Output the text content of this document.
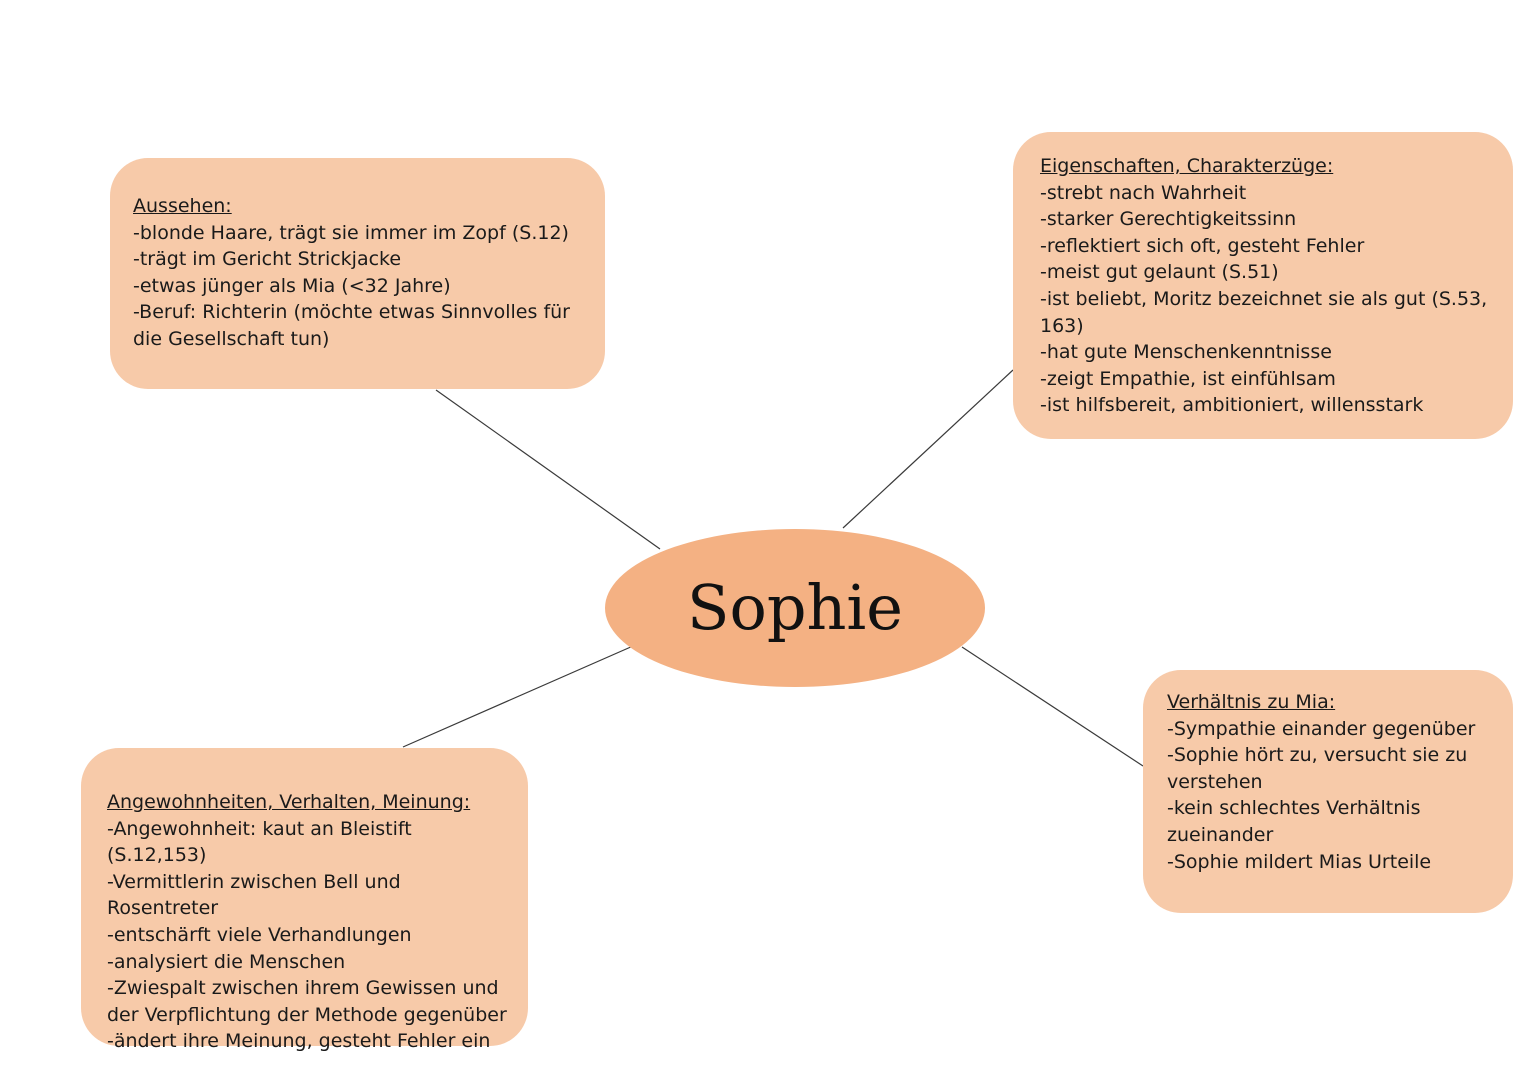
Aussehen:
-blonde Haare, trägt sie immer im Zopf (S.12)
-trägt im Gericht Strickjacke
-etwas jünger als Mia (<32 Jahre)
-Beruf: Richterin (möchte etwas Sinnvolles für die Gesellschaft tun)
Eigenschaften, Charakterzüge:
-strebt nach Wahrheit
-starker Gerechtigkeitssinn
-reflektiert sich oft, gesteht Fehler
-meist gut gelaunt (S.51)
-ist beliebt, Moritz bezeichnet sie als gut (S.53, 163)
-hat gute Menschenkenntnisse
-zeigt Empathie, ist einfühlsam
-ist hilfsbereit, ambitioniert, willensstark
Sophie
Verhältnis zu Mia:
-Sympathie einander gegenüber
-Sophie hört zu, versucht sie zu verstehen
-kein schlechtes Verhältnis zueinander
-Sophie mildert Mias Urteile
Angewohnheiten, Verhalten, Meinung:
-Angewohnheit: kaut an Bleistift (S.12,153)
-Vermittlerin zwischen Bell und Rosentreter
-entschärft viele Verhandlungen
-analysiert die Menschen
-Zwiespalt zwischen ihrem Gewissen und der Verpflichtung der Methode gegenüber
-ändert ihre Meinung, gesteht Fehler ein
